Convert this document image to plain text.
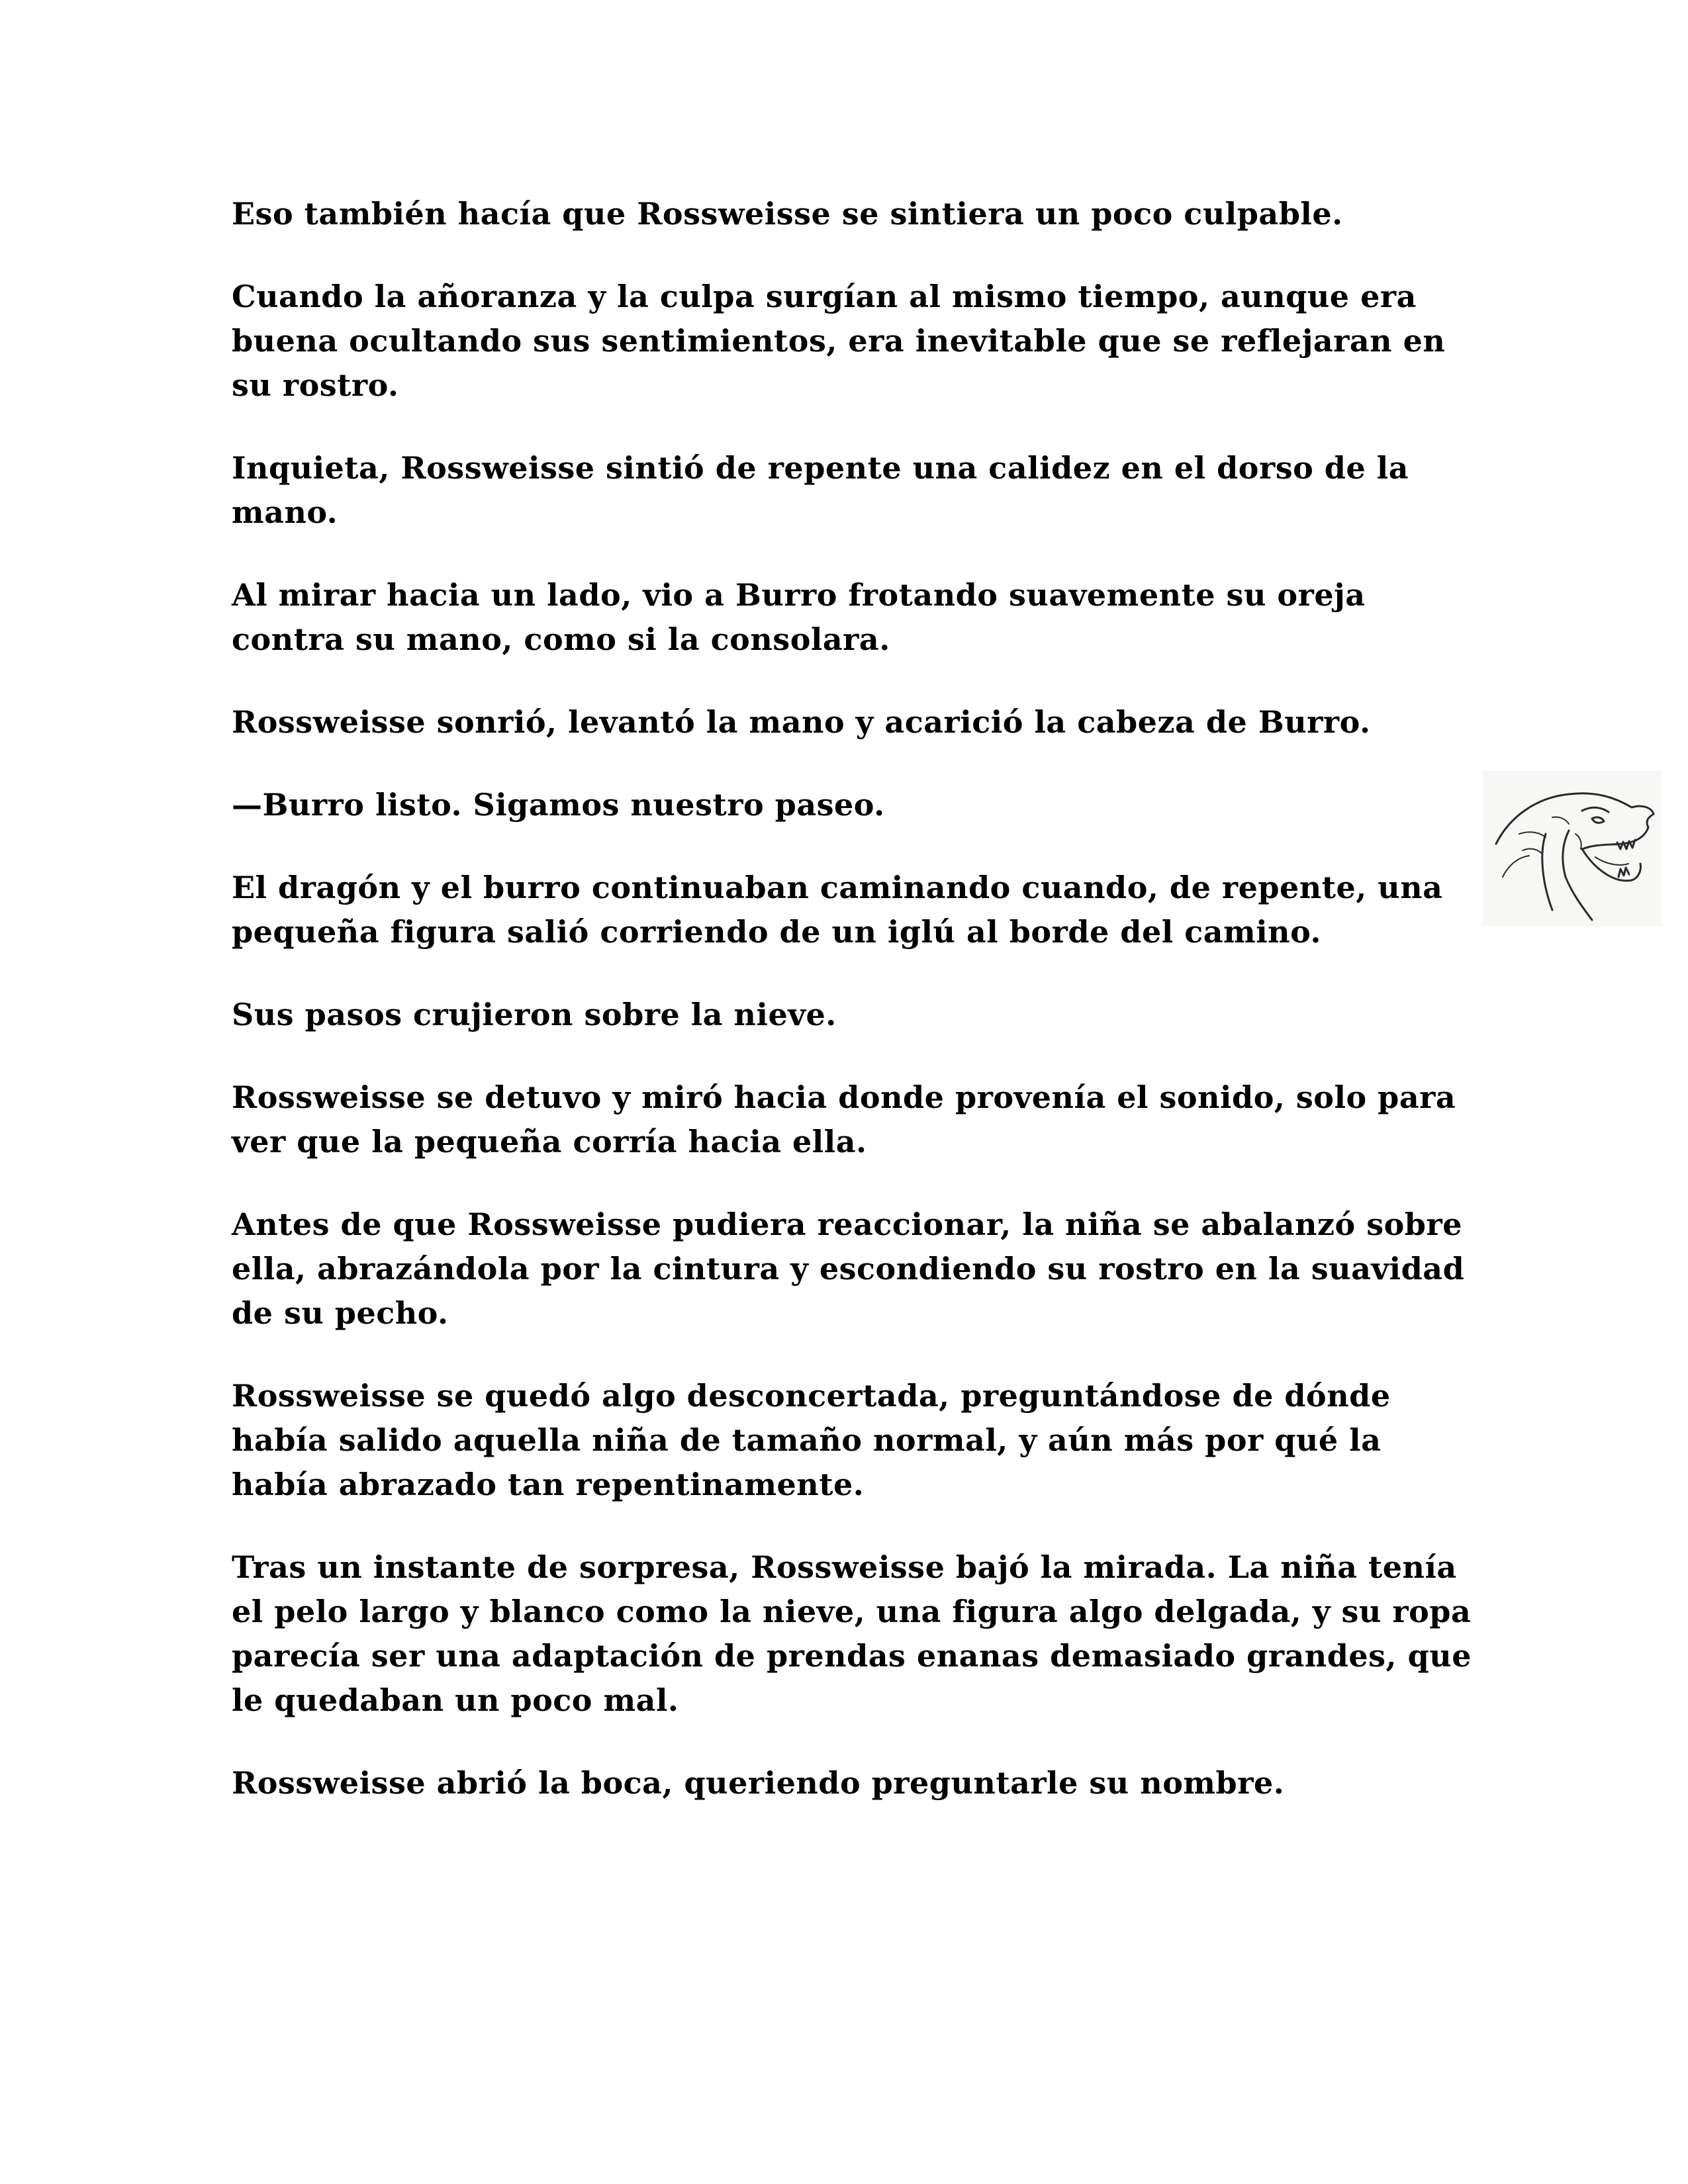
Eso también hacía que Rossweisse se sintiera un poco culpable.

Cuando la añoranza y la culpa surgían al mismo tiempo, aunque era buena ocultando sus sentimientos, era inevitable que se reflejaran en su rostro.

Inquieta, Rossweisse sintió de repente una calidez en el dorso de la mano.

Al mirar hacia un lado, vio a Burro frotando suavemente su oreja contra su mano, como si la consolara.

Rossweisse sonrió, levantó la mano y acarició la cabeza de Burro.

—Burro listo. Sigamos nuestro paseo.

El dragón y el burro continuaban caminando cuando, de repente, una pequeña figura salió corriendo de un iglú al borde del camino.

Sus pasos crujieron sobre la nieve.

Rossweisse se detuvo y miró hacia donde provenía el sonido, solo para ver que la pequeña corría hacia ella.

Antes de que Rossweisse pudiera reaccionar, la niña se abalanzó sobre ella, abrazándola por la cintura y escondiendo su rostro en la suavidad de su pecho.

Rossweisse se quedó algo desconcertada, preguntándose de dónde había salido aquella niña de tamaño normal, y aún más por qué la había abrazado tan repentinamente.

Tras un instante de sorpresa, Rossweisse bajó la mirada. La niña tenía el pelo largo y blanco como la nieve, una figura algo delgada, y su ropa parecía ser una adaptación de prendas enanas demasiado grandes, que le quedaban un poco mal.

Rossweisse abrió la boca, queriendo preguntarle su nombre.
